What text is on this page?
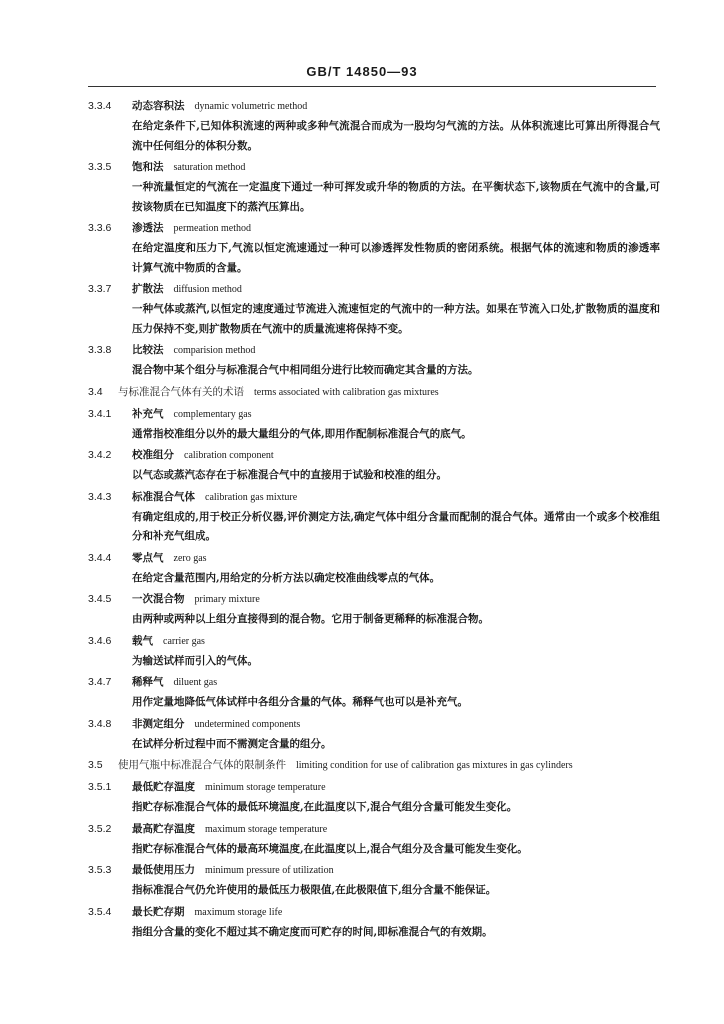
GB/T 14850—93
3.3.4	动态容积法 dynamic volumetric method
在给定条件下,已知体积流速的两种或多种气流混合而成为一股均匀气流的方法。从体积流速比可算出所得混合气流中任何组分的体积分数。
3.3.5	饱和法 saturation method
一种流量恒定的气流在一定温度下通过一种可挥发或升华的物质的方法。在平衡状态下,该物质在气流中的含量,可按该物质在已知温度下的蒸汽压算出。
3.3.6	渗透法 permeation method
在给定温度和压力下,气流以恒定流速通过一种可以渗透挥发性物质的密闭系统。根据气体的流速和物质的渗透率计算气流中物质的含量。
3.3.7	扩散法 diffusion method
一种气体或蒸汽,以恒定的速度通过节流进入流速恒定的气流中的一种方法。如果在节流入口处,扩散物质的温度和压力保持不变,则扩散物质在气流中的质量流速将保持不变。
3.3.8	比较法 comparision method
混合物中某个组分与标准混合气中相同组分进行比较而确定其含量的方法。
3.4	与标准混合气体有关的术语 terms associated with calibration gas mixtures
3.4.1	补充气 complementary gas
通常指校准组分以外的最大量组分的气体,即用作配制标准混合气的底气。
3.4.2	校准组分 calibration component
以气态或蒸汽态存在于标准混合气中的直接用于试验和校准的组分。
3.4.3	标准混合气体 calibration gas mixture
有确定组成的,用于校正分析仪器,评价测定方法,确定气体中组分含量而配制的混合气体。通常由一个或多个校准组分和补充气组成。
3.4.4	零点气 zero gas
在给定含量范围内,用给定的分析方法以确定校准曲线零点的气体。
3.4.5	一次混合物 primary mixture
由两种或两种以上组分直接得到的混合物。它用于制备更稀释的标准混合物。
3.4.6	载气 carrier gas
为输送试样而引入的气体。
3.4.7	稀释气 diluent gas
用作定量地降低气体试样中各组分含量的气体。稀释气也可以是补充气。
3.4.8	非测定组分 undetermined components
在试样分析过程中而不需测定含量的组分。
3.5	使用气瓶中标准混合气体的限制条件 limiting condition for use of calibration gas mixtures in gas cylinders
3.5.1	最低贮存温度 minimum storage temperature
指贮存标准混合气体的最低环境温度,在此温度以下,混合气组分含量可能发生变化。
3.5.2	最高贮存温度 maximum storage temperature
指贮存标准混合气体的最高环境温度,在此温度以上,混合气组分及含量可能发生变化。
3.5.3	最低使用压力 minimum pressure of utilization
指标准混合气仍允许使用的最低压力极限值,在此极限值下,组分含量不能保证。
3.5.4	最长贮存期 maximum storage life
指组分含量的变化不超过其不确定度而可贮存的时间,即标准混合气的有效期。
